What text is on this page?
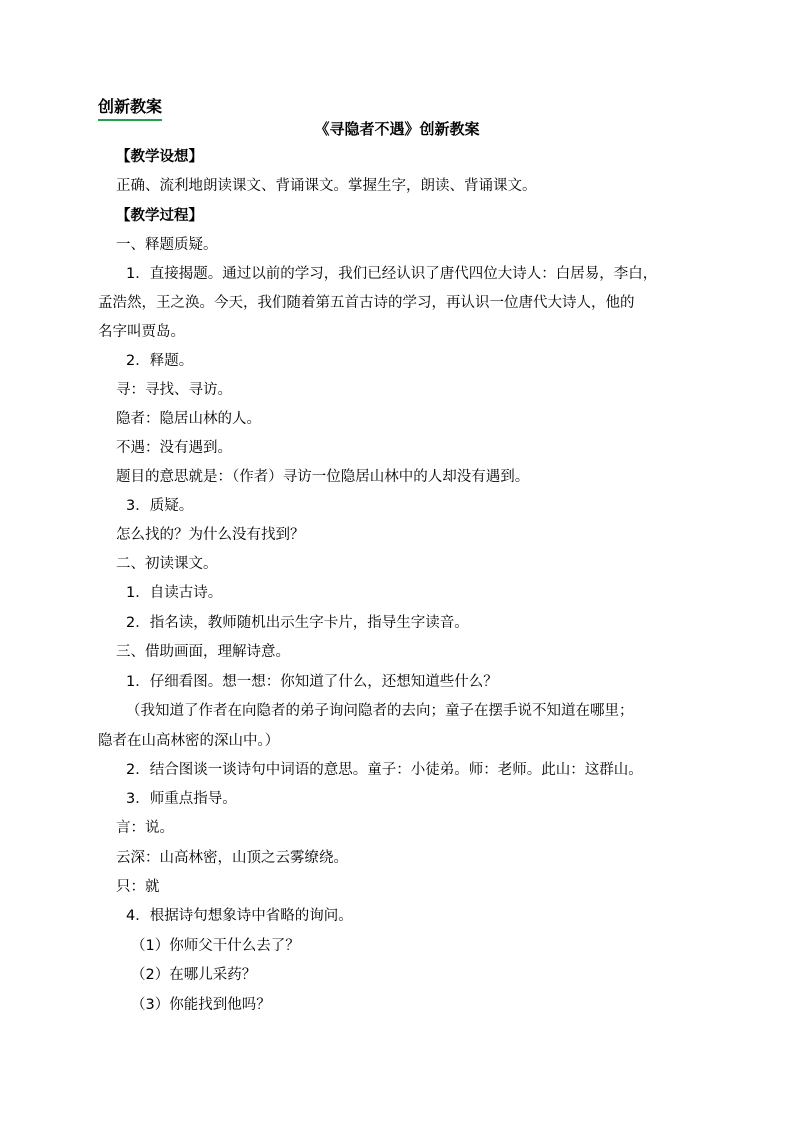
创新教案
《寻隐者不遇》创新教案
【教学设想】
正确、流利地朗读课文、背诵课文。掌握生字，朗读、背诵课文。
【教学过程】
一、释题质疑。
1．直接揭题。通过以前的学习，我们已经认识了唐代四位大诗人：白居易，李白，
孟浩然，王之涣。今天，我们随着第五首古诗的学习，再认识一位唐代大诗人，他的
名字叫贾岛。
2．释题。
寻：寻找、寻访。
隐者：隐居山林的人。
不遇：没有遇到。
题目的意思就是：（作者）寻访一位隐居山林中的人却没有遇到。
3．质疑。
怎么找的？为什么没有找到？
二、初读课文。
1．自读古诗。
2．指名读，教师随机出示生字卡片，指导生字读音。
三、借助画面，理解诗意。
1．仔细看图。想一想：你知道了什么，还想知道些什么？
（我知道了作者在向隐者的弟子询问隐者的去向；童子在摆手说不知道在哪里；
隐者在山高林密的深山中。）
2．结合图谈一谈诗句中词语的意思。童子：小徒弟。师：老师。此山：这群山。
3．师重点指导。
言：说。
云深：山高林密，山顶之云雾缭绕。
只：就
4．根据诗句想象诗中省略的询问。
（1）你师父干什么去了？
（2）在哪儿采药？
（3）你能找到他吗？
